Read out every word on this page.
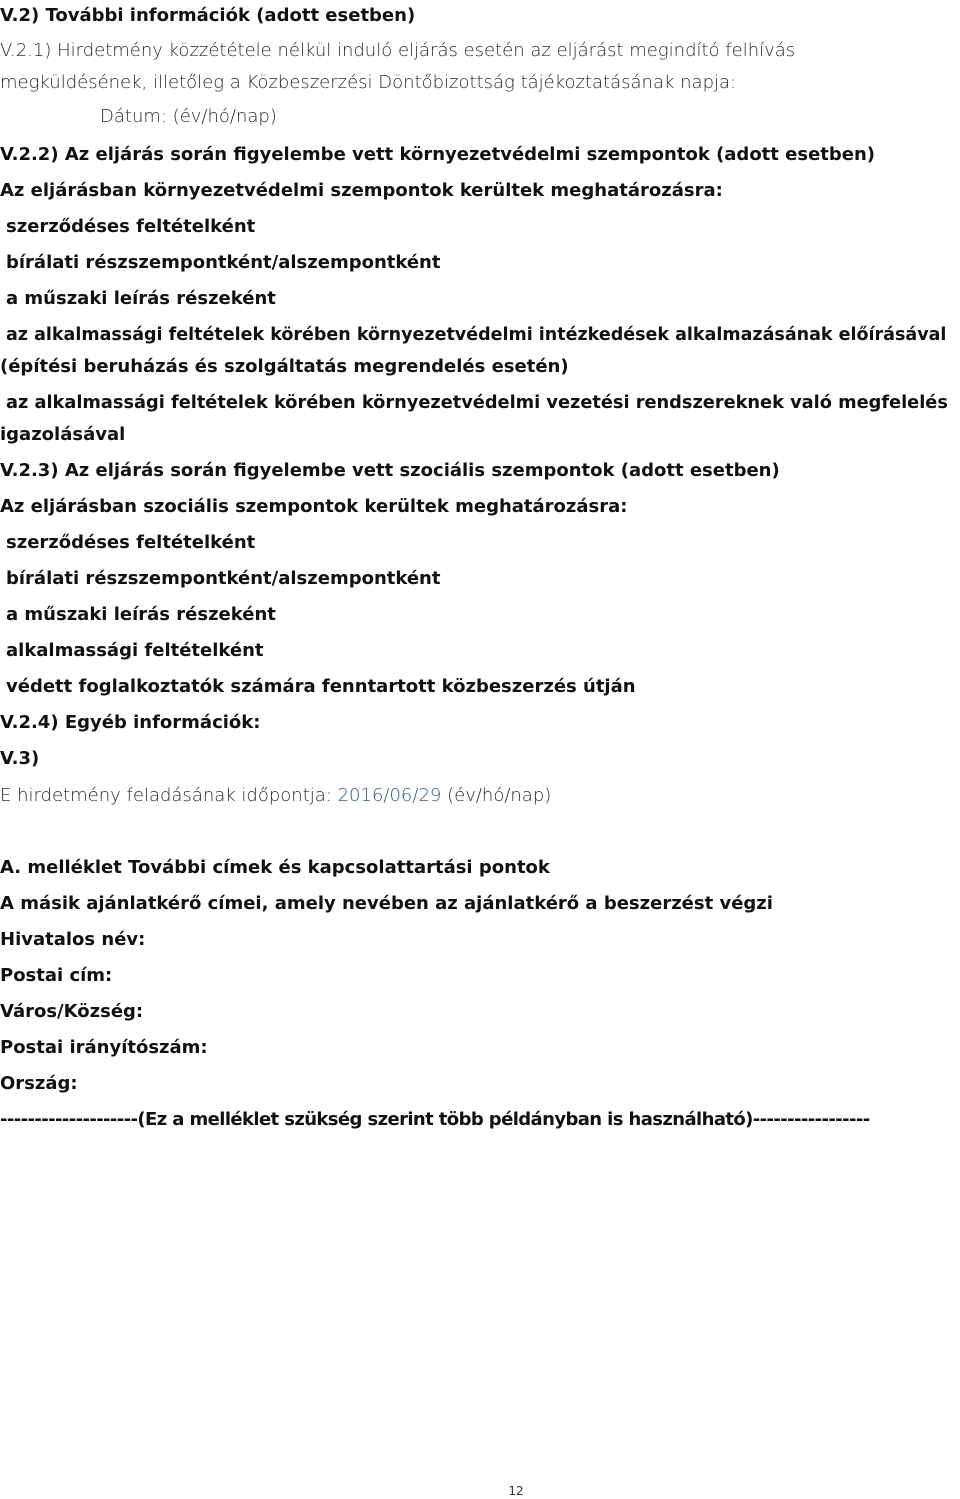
V.2) További információk (adott esetben)
V.2.1) Hirdetmény közzététele nélkül induló eljárás esetén az eljárást megindító felhívás
megküldésének, illetőleg a Közbeszerzési Döntőbizottság tájékoztatásának napja:
Dátum: (év/hó/nap)
V.2.2) Az eljárás során figyelembe vett környezetvédelmi szempontok (adott esetben)
Az eljárásban környezetvédelmi szempontok kerültek meghatározásra:
szerződéses feltételként
bírálati részszempontként/alszempontként
a műszaki leírás részeként
az alkalmassági feltételek körében környezetvédelmi intézkedések alkalmazásának előírásával
(építési beruházás és szolgáltatás megrendelés esetén)
az alkalmassági feltételek körében környezetvédelmi vezetési rendszereknek való megfelelés
igazolásával
V.2.3) Az eljárás során figyelembe vett szociális szempontok (adott esetben)
Az eljárásban szociális szempontok kerültek meghatározásra:
szerződéses feltételként
bírálati részszempontként/alszempontként
a műszaki leírás részeként
alkalmassági feltételként
védett foglalkoztatók számára fenntartott közbeszerzés útján
V.2.4) Egyéb információk:
V.3)
E hirdetmény feladásának időpontja: 2016/06/29 (év/hó/nap)
A. melléklet További címek és kapcsolattartási pontok
A másik ajánlatkérő címei, amely nevében az ajánlatkérő a beszerzést végzi
Hivatalos név:
Postai cím:
Város/Község:
Postai irányítószám:
Ország:
--------------------(Ez a melléklet szükség szerint több példányban is használható)-----------------
12
